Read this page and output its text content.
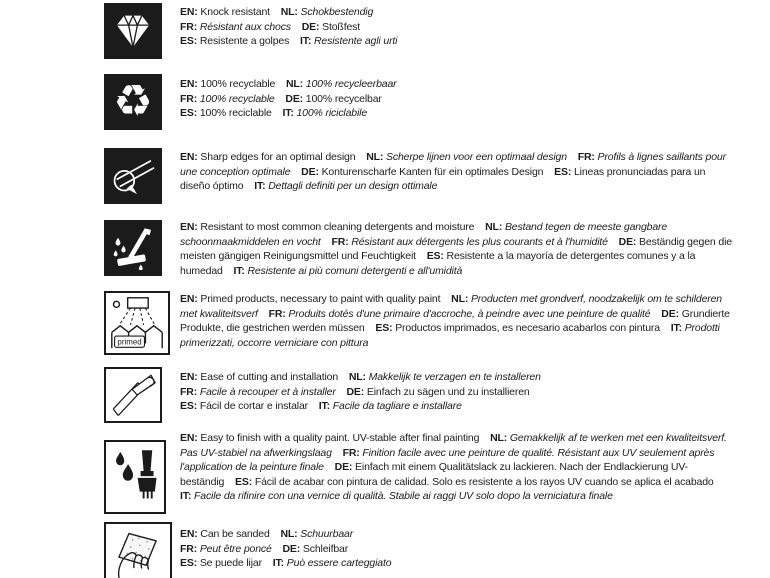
EN: Knock resistant NL: Schokbestendig
FR: Résistant aux chocs DE: Stoßfest
ES: Resistente a golpes IT: Resistente agli urti

♻	EN: 100% recyclable NL: 100% recycleerbaar
FR: 100% recyclable DE: 100% recycelbar
ES: 100% reciclable IT: 100% riciclabile

EN: Sharp edges for an optimal design NL: Scherpe lijnen voor een optimaal design FR: Profils à lignes saillants pour une conception optimale DE: Konturenscharfe Kanten für ein optimales Design ES: Lineas pronunciadas para un diseño óptimo IT: Dettagli definiti per un design ottimale

EN: Resistant to most common cleaning detergents and moisture NL: Bestand tegen de meeste gangbare schoonmaakmiddelen en vocht FR: Résistant aux détergents les plus courants et à l'humidité DE: Beständig gegen die meisten gängigen Reinigungsmittel und Feuchtigkeit ES: Resistente a la mayoría de detergentes comunes y a la humedad IT: Resistente ai più comuni detergenti e all'umidità

primed

EN: Primed products, necessary to paint with quality paint NL: Producten met grondverf, noodzakelijk om te schilderen met kwaliteitsverf FR: Produits dotés d'une primaire d'accroche, à peindre avec une peinture de qualité DE: Grundierte Produkte, die gestrichen werden müssen ES: Productos imprimados, es necesario acabarlos con pintura IT: Prodotti primerizzati, occorre verniciare con pittura

EN: Ease of cutting and installation NL: Makkelijk te verzagen en te installeren
FR: Facile à recouper et à installer DE: Einfach zu sägen und zu installieren
ES: Fácil de cortar e instalar IT: Facile da tagliare e installare

EN: Easy to finish with a quality paint. UV-stable after final painting NL: Gemakkelijk af te werken met een kwaliteitsverf. Pas UV-stabiel na afwerkingslaag FR: Finition facile avec une peinture de qualité. Résistant aux UV seulement après l'application de la peinture finale DE: Einfach mit einem Qualitätslack zu lackieren. Nach der Endlackierung UV-beständig ES: Fácil de acabar con pintura de calidad. Solo es resistente a los rayos UV cuando se aplica el acabado IT: Facile da rifinire con una vernice di qualità. Stabile ai raggi UV solo dopo la verniciatura finale

EN: Can be sanded NL: Schuurbaar
FR: Peut être poncé DE: Schleifbar
ES: Se puede lijar IT: Può essere carteggiato
